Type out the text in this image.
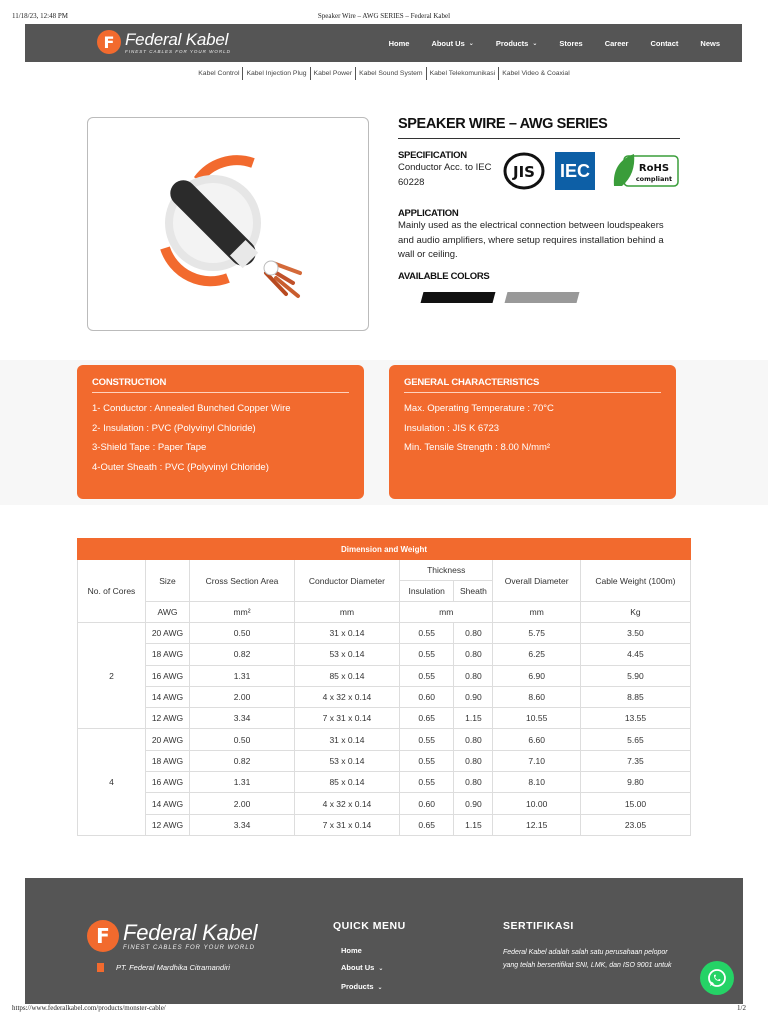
11/18/23, 12:48 PM	Speaker Wire – AWG SERIES – Federal Kabel
F Federal Kabel
FINEST CABLES FOR YOUR WORLD
Home	About Us ⌄	Products ⌄	Stores	Career	Contact	News
Kabel Control	Kabel Injection Plug	Kabel Power	Kabel Sound System	Kabel Telekomunikasi	Kabel Video & Coaxial
SPEAKER WIRE – AWG SERIES
SPECIFICATION
Conductor Acc. to IEC 60228
JIS IEC	RoHS
compliant
APPLICATION
Mainly used as the electrical connection between loudspeakers and audio amplifiers, where setup requires installation behind a wall or ceiling.
AVAILABLE COLORS
CONSTRUCTION
1- Conductor : Annealed Bunched Copper Wire
2- Insulation : PVC (Polyvinyl Chloride)
3-Shield Tape : Paper Tape
4-Outer Sheath : PVC (Polyvinyl Chloride)
GENERAL CHARACTERISTICS
Max. Operating Temperature : 70°C
Insulation : JIS K 6723
Min. Tensile Strength : 8.00 N/mm²
Dimension and Weight							
No. of Cores	Size	Cross Section Area	Conductor Diameter	Thickness		Overall Diameter	Cable Weight (100m)
				Insulation	Sheath		
	AWG	mm²	mm	mm		mm	Kg
2	20 AWG	0.50	31 x 0.14	0.55	0.80	5.75	3.50
	18 AWG	0.82	53 x 0.14	0.55	0.80	6.25	4.45
	16 AWG	1.31	85 x 0.14	0.55	0.80	6.90	5.90
	14 AWG	2.00	4 x 32 x 0.14	0.60	0.90	8.60	8.85
	12 AWG	3.34	7 x 31 x 0.14	0.65	1.15	10.55	13.55
4	20 AWG	0.50	31 x 0.14	0.55	0.80	6.60	5.65
	18 AWG	0.82	53 x 0.14	0.55	0.80	7.10	7.35
	16 AWG	1.31	85 x 0.14	0.55	0.80	8.10	9.80
	14 AWG	2.00	4 x 32 x 0.14	0.60	0.90	10.00	15.00
	12 AWG	3.34	7 x 31 x 0.14	0.65	1.15	12.15	23.05
F Federal Kabel
FINEST CABLES FOR YOUR WORLD
PT. Federal Mardhika Citramandiri
QUICK MENU
Home
About Us ⌄
Products ⌄
SERTIFIKASI
Federal Kabel adalah salah satu perusahaan pelopor yang telah bersertifikat SNI, LMK, dan ISO 9001 untuk
https://www.federalkabel.com/products/monster-cable/	1/2
